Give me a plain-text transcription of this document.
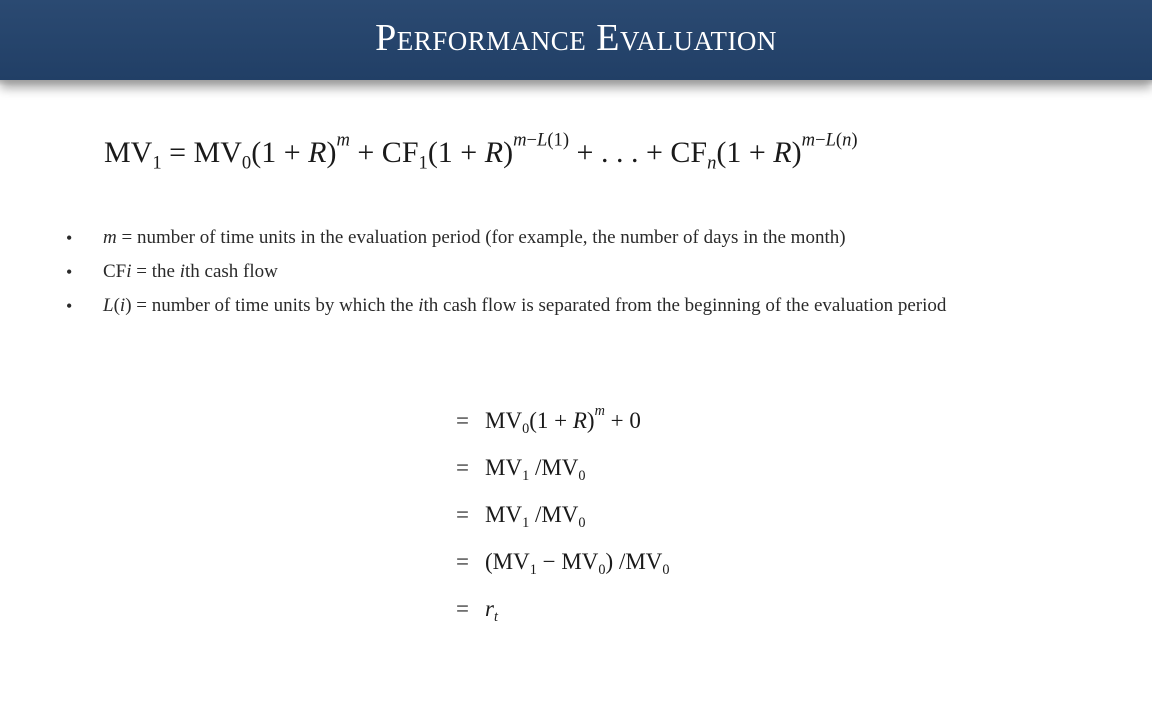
Performance Evaluation
$MV_1 = MV_0(1 + R)^m + CF_1(1 + R)^{m-L(1)}$ + . . . + $CF_n(1 + R)^{m-L(n)}$
• m = number of time units in the evaluation period (for example, the number of days in the month)
• CFi = the ith cash flow
• L(i) = number of time units by which the ith cash flow is separated from the beginning of the evaluation period
= $MV_0(1 + R)^m + 0$
= $MV_1$ $/MV_0$
= $MV_1$ $/MV_0$
= $(MV_1 - MV_0)$ $/MV_0$
= $r_t$
